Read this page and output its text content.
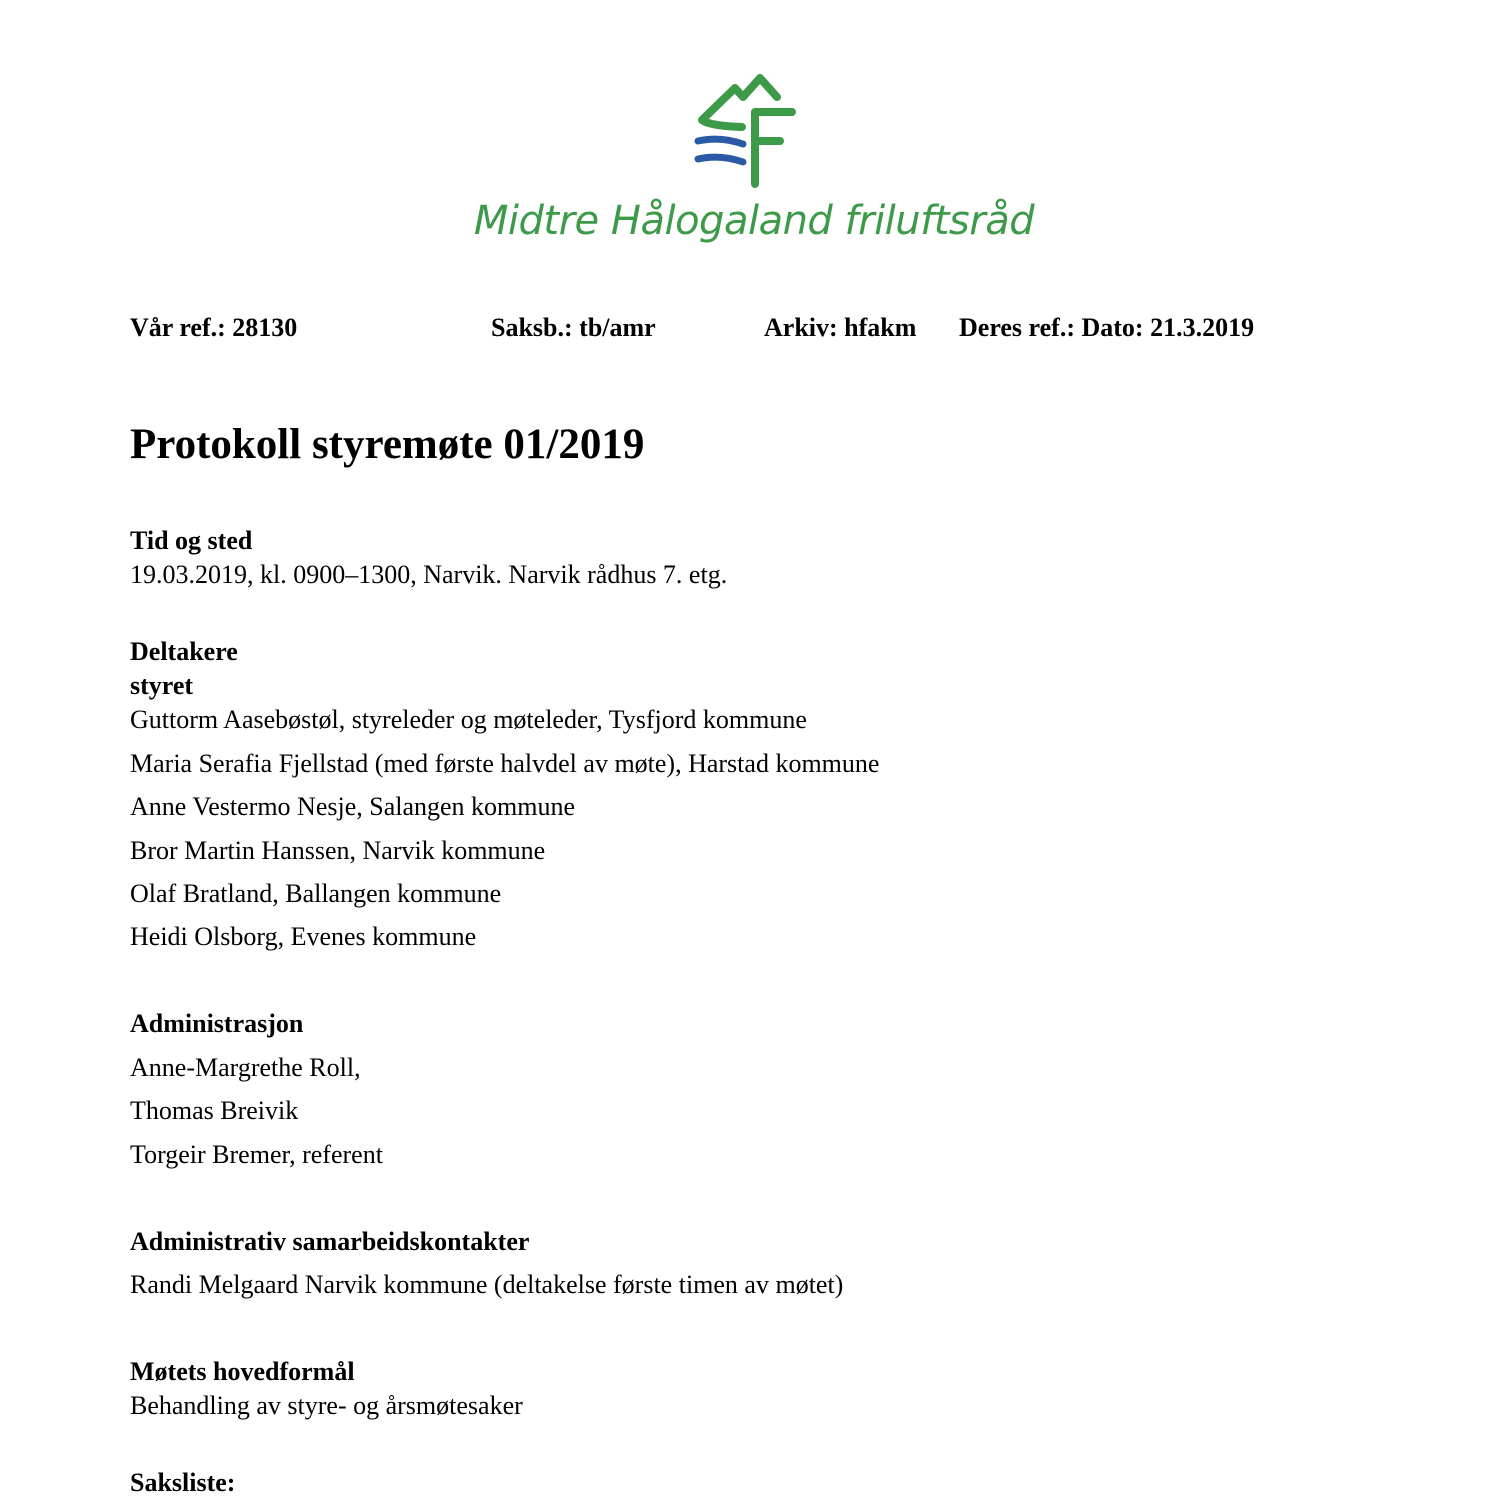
Midtre Hålogaland friluftsråd
Vår ref.: 28130	Saksb.: tb/amr	Arkiv: hfakm Deres ref.: Dato: 21.3.2019
Protokoll styremøte 01/2019
Tid og sted
19.03.2019, kl. 0900–1300, Narvik. Narvik rådhus 7. etg.
Deltakere
styret
Guttorm Aasebøstøl, styreleder og møteleder, Tysfjord kommune
Maria Serafia Fjellstad (med første halvdel av møte), Harstad kommune
Anne Vestermo Nesje, Salangen kommune
Bror Martin Hanssen, Narvik kommune
Olaf Bratland, Ballangen kommune
Heidi Olsborg, Evenes kommune
Administrasjon
Anne-Margrethe Roll,
Thomas Breivik
Torgeir Bremer, referent
Administrativ samarbeidskontakter
Randi Melgaard Narvik kommune (deltakelse første timen av møtet)
Møtets hovedformål
Behandling av styre- og årsmøtesaker
Saksliste:
